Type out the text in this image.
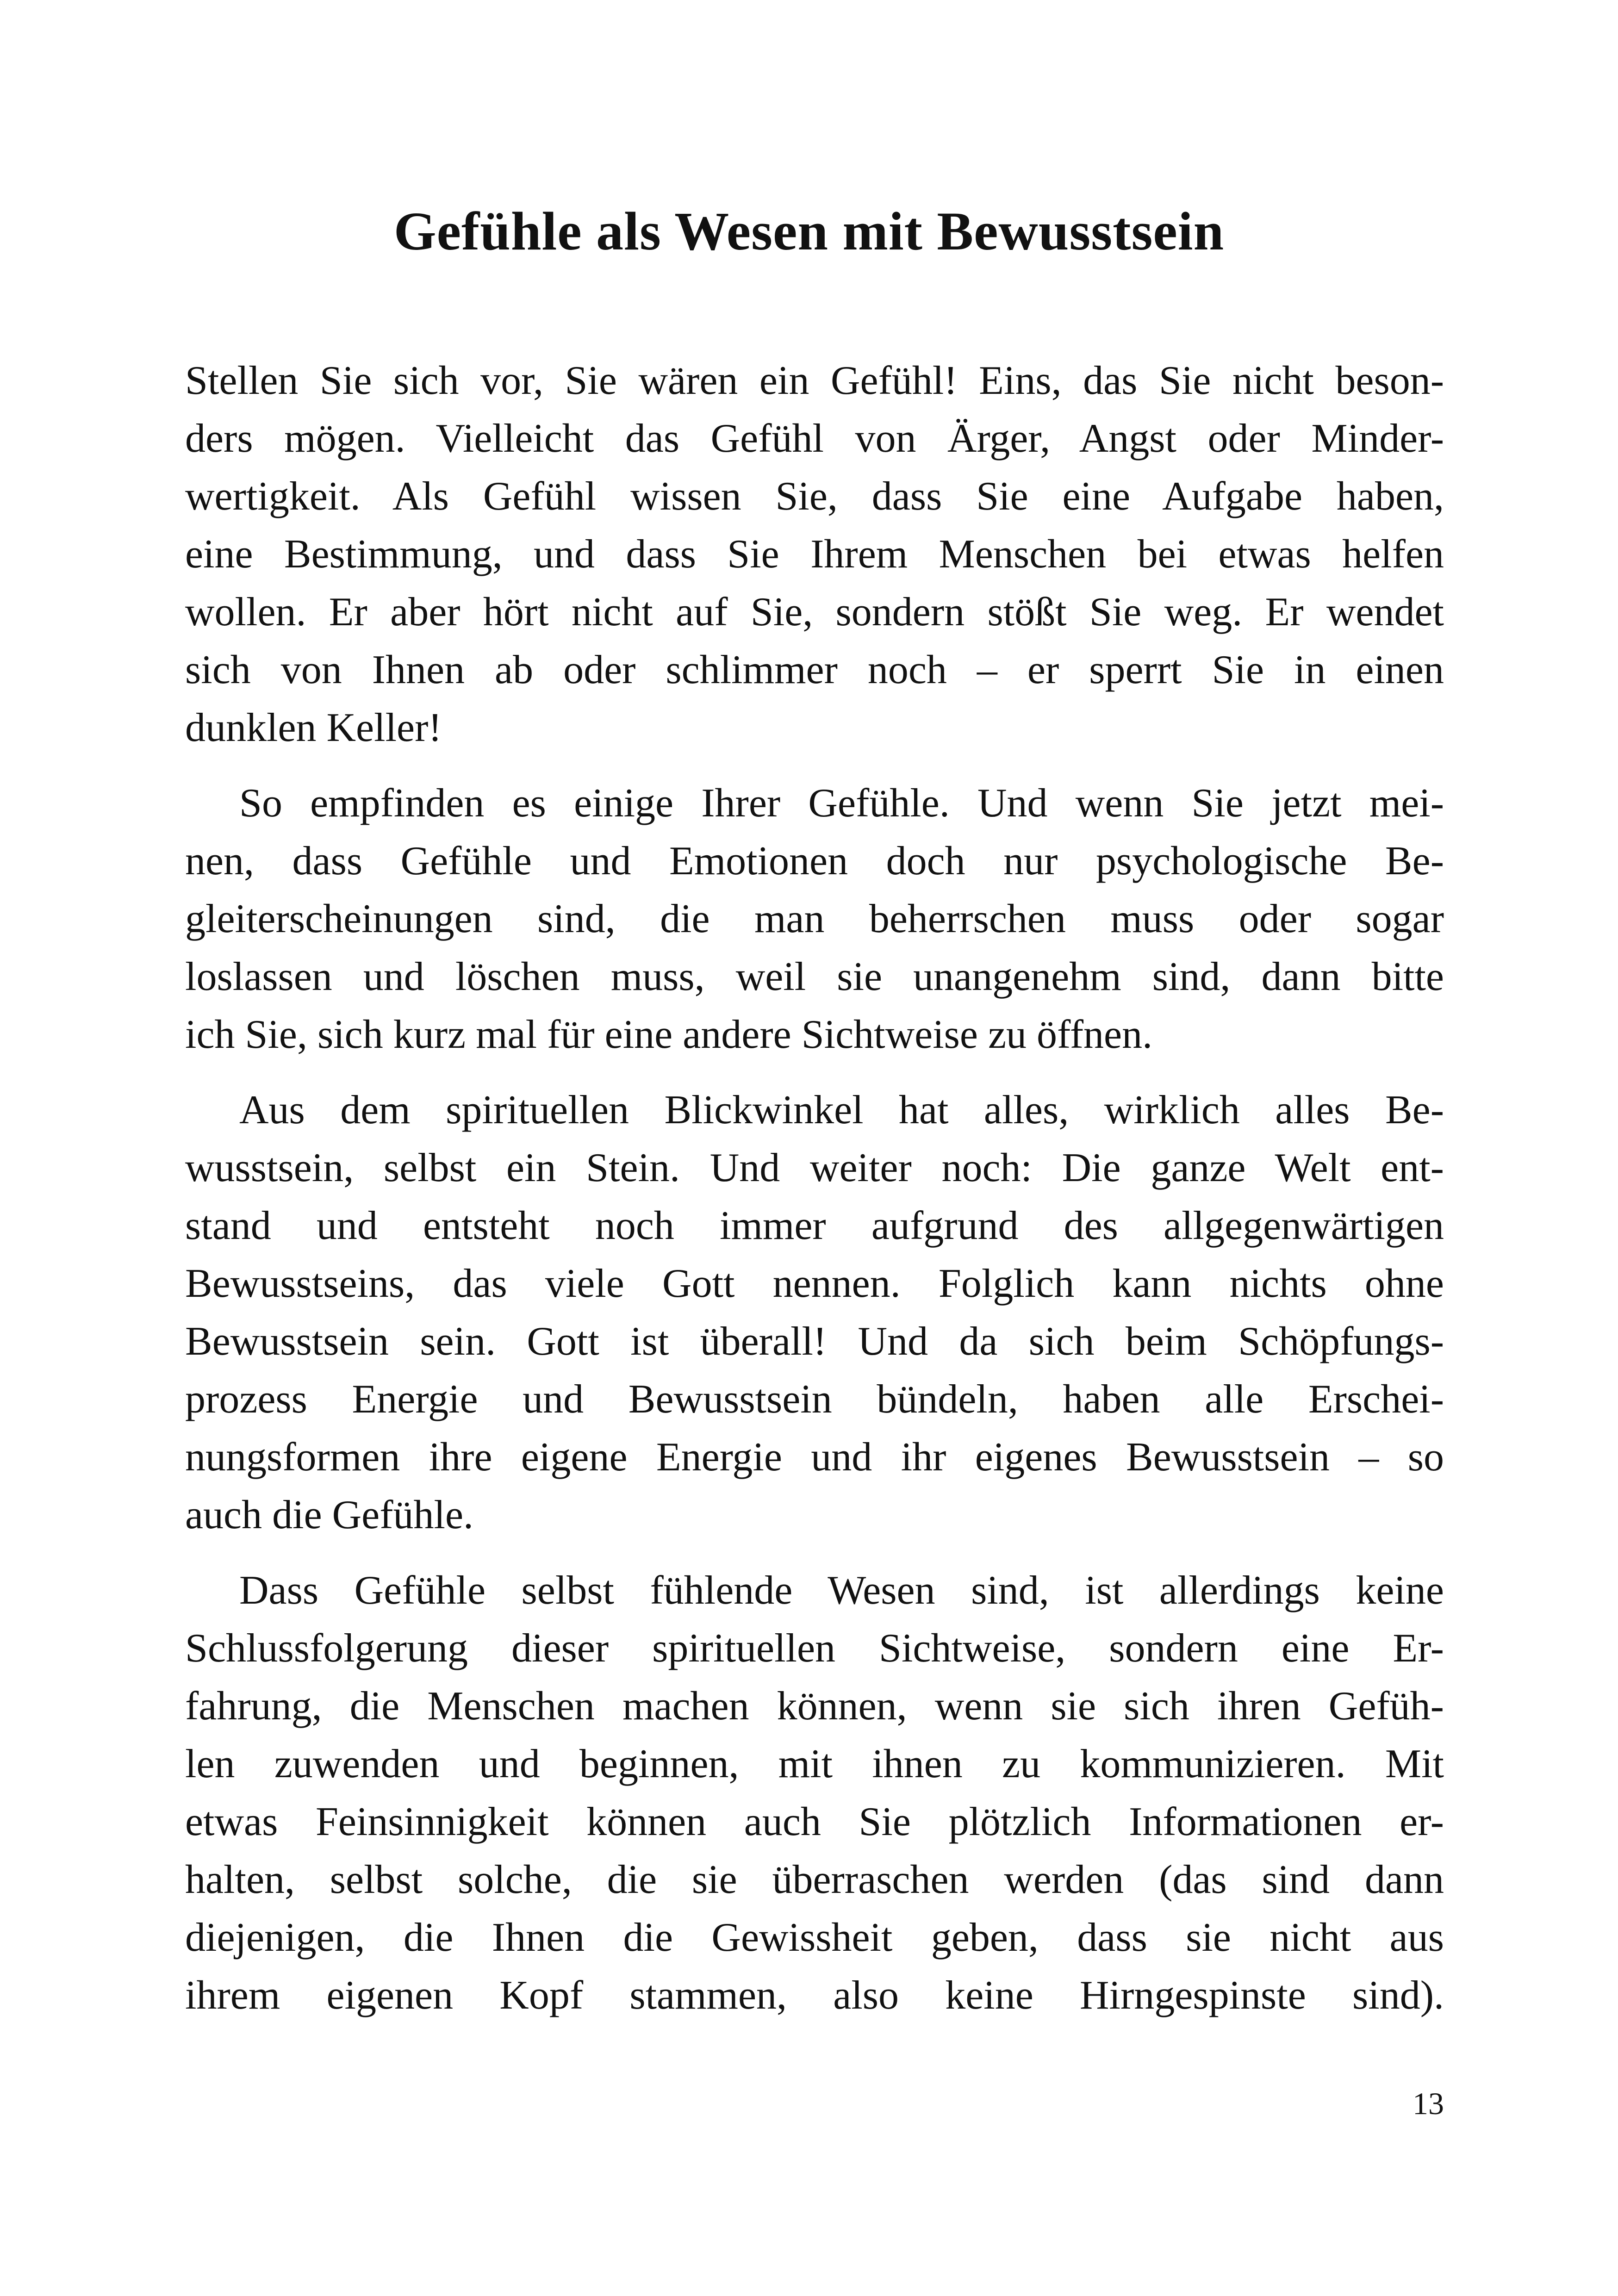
Gefühle als Wesen mit Bewusstsein
Stellen Sie sich vor, Sie wären ein Gefühl! Eins, das Sie nicht beson-
ders mögen. Vielleicht das Gefühl von Ärger, Angst oder Minder-
wertigkeit. Als Gefühl wissen Sie, dass Sie eine Aufgabe haben,
eine Bestimmung, und dass Sie Ihrem Menschen bei etwas helfen
wollen. Er aber hört nicht auf Sie, sondern stößt Sie weg. Er wendet
sich von Ihnen ab oder schlimmer noch – er sperrt Sie in einen
dunklen Keller!
So empfinden es einige Ihrer Gefühle. Und wenn Sie jetzt mei-
nen, dass Gefühle und Emotionen doch nur psychologische Be-
gleiterscheinungen sind, die man beherrschen muss oder sogar
loslassen und löschen muss, weil sie unangenehm sind, dann bitte
ich Sie, sich kurz mal für eine andere Sichtweise zu öffnen.
Aus dem spirituellen Blickwinkel hat alles, wirklich alles Be-
wusstsein, selbst ein Stein. Und weiter noch: Die ganze Welt ent-
stand und entsteht noch immer aufgrund des allgegenwärtigen
Bewusstseins, das viele Gott nennen. Folglich kann nichts ohne
Bewusstsein sein. Gott ist überall! Und da sich beim Schöpfungs-
prozess Energie und Bewusstsein bündeln, haben alle Erschei-
nungsformen ihre eigene Energie und ihr eigenes Bewusstsein – so
auch die Gefühle.
Dass Gefühle selbst fühlende Wesen sind, ist allerdings keine
Schlussfolgerung dieser spirituellen Sichtweise, sondern eine Er-
fahrung, die Menschen machen können, wenn sie sich ihren Gefüh-
len zuwenden und beginnen, mit ihnen zu kommunizieren. Mit
etwas Feinsinnigkeit können auch Sie plötzlich Informationen er-
halten, selbst solche, die sie überraschen werden (das sind dann
diejenigen, die Ihnen die Gewissheit geben, dass sie nicht aus
ihrem eigenen Kopf stammen, also keine Hirngespinste sind).
13
